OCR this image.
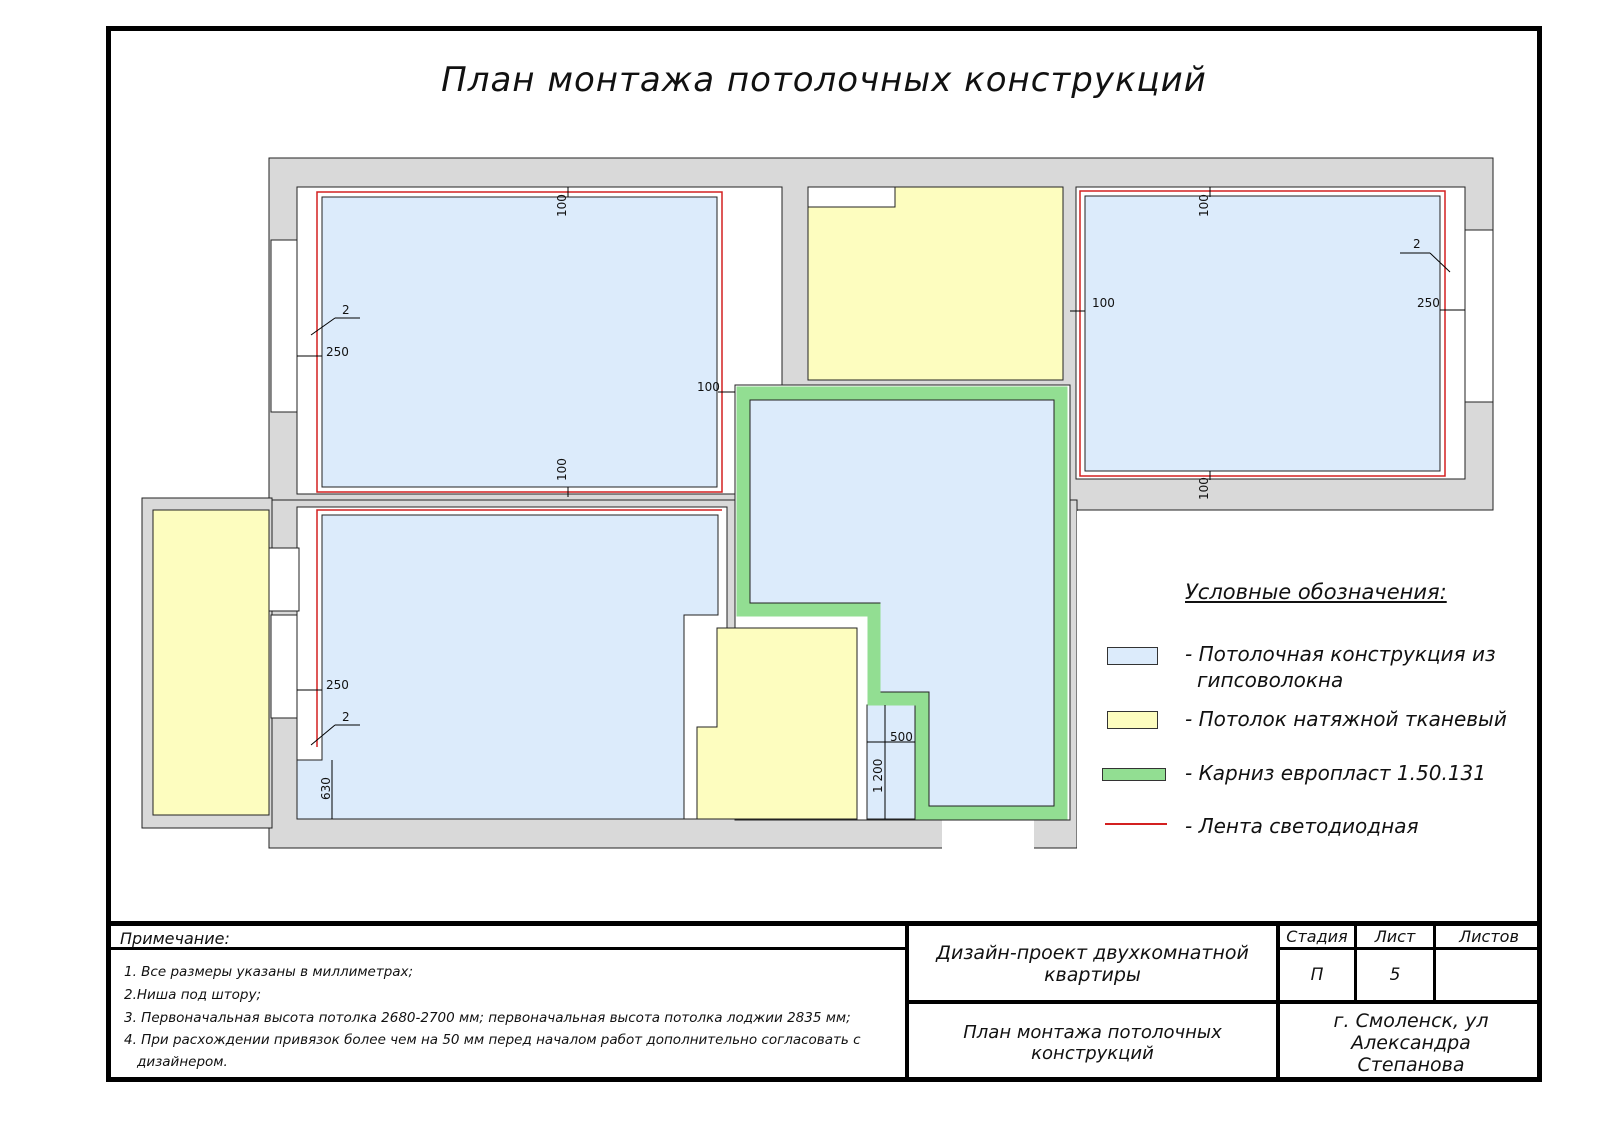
План монтажа потолочных конструкций
100
100
100
100
100
100
250
250
250
500
630	1 200
2
2
2
Условные обозначения:
- Потолочная конструкция из
гипсоволокна
- Потолок натяжной тканевый
- Карниз европласт 1.50.131
- Лента светодиодная
Примечание:
1. Все размеры указаны в миллиметрах;
2.Ниша под штору;
3. Первоначальная высота потолка 2680-2700 мм; первоначальная высота потолка лоджии 2835 мм;
4. При расхождении привязок более чем на 50 мм перед началом работ дополнительно согласовать с
дизайнером.
Дизайн-проект двухкомнатной
квартиры
План монтажа потолочных конструкций
Стадия	Лист	Листов
П	5
г. Смоленск, ул Александра
Степанова
